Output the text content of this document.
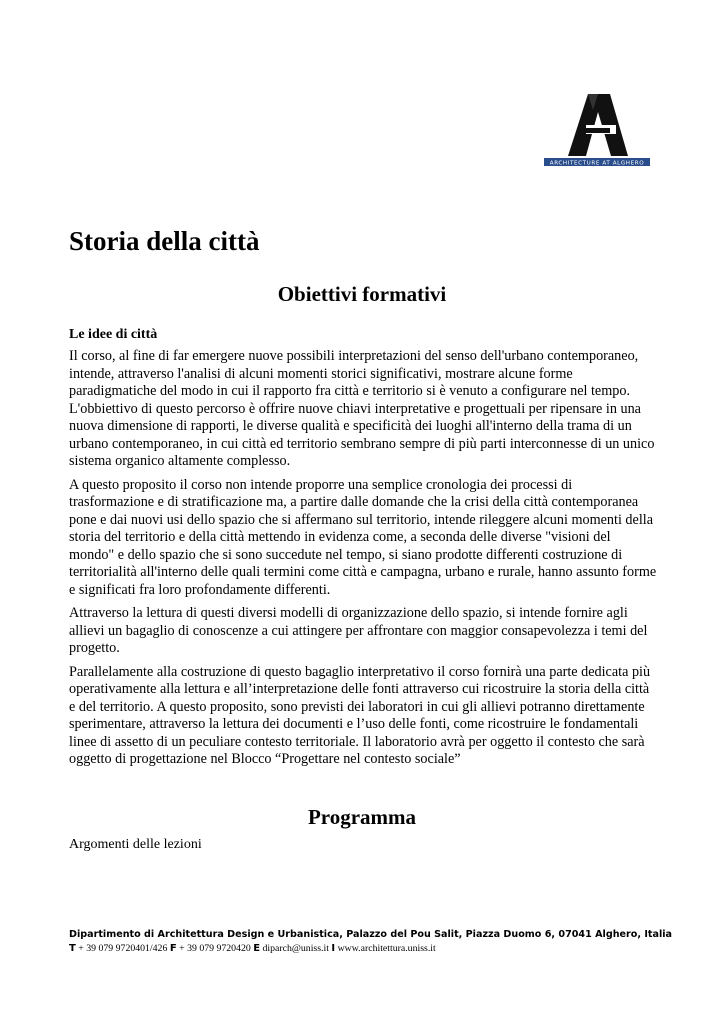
ARCHITECTURE AT ALGHERO
Storia della città
Obiettivi formativi
Le idee di città

Il corso, al fine di far emergere nuove possibili interpretazioni del senso dell'urbano contemporaneo, intende, attraverso l'analisi di alcuni momenti storici significativi, mostrare alcune forme paradigmatiche del modo in cui il rapporto fra città e territorio si è venuto a configurare nel tempo. L'obbiettivo di questo percorso è offrire nuove chiavi interpretative e progettuali per ripensare in una nuova dimensione di rapporti, le diverse qualità e specificità dei luoghi all'interno della trama di un urbano contemporaneo, in cui città ed territorio sembrano sempre di più parti interconnesse di un unico sistema organico altamente complesso.

A questo proposito il corso non intende proporre una semplice cronologia dei processi di trasformazione e di stratificazione ma, a partire dalle domande che la crisi della città contemporanea pone e dai nuovi usi dello spazio che si affermano sul territorio, intende rileggere alcuni momenti della storia del territorio e della città mettendo in evidenza come, a seconda delle diverse "visioni del mondo" e dello spazio che si sono succedute nel tempo, si siano prodotte differenti costruzione di territorialità all'interno delle quali termini come città e campagna, urbano e rurale, hanno assunto forme e significati fra loro profondamente differenti.

Attraverso la lettura di questi diversi modelli di organizzazione dello spazio, si intende fornire agli allievi un bagaglio di conoscenze a cui attingere per affrontare con maggior consapevolezza i temi del progetto.

Parallelamente alla costruzione di questo bagaglio interpretativo il corso fornirà una parte dedicata più operativamente alla lettura e all’interpretazione delle fonti attraverso cui ricostruire la storia della città e del territorio. A questo proposito, sono previsti dei laboratori in cui gli allievi potranno direttamente sperimentare, attraverso la lettura dei documenti e l’uso delle fonti, come ricostruire le fondamentali linee di assetto di un peculiare contesto territoriale. Il laboratorio avrà per oggetto il contesto che sarà oggetto di progettazione nel Blocco “Progettare nel contesto sociale”

Programma

Argomenti delle lezioni

Dipartimento di Architettura Design e Urbanistica, Palazzo del Pou Salit, Piazza Duomo 6, 07041 Alghero, Italia

T + 39 079 9720401/426 F + 39 079 9720420 E diparch@uniss.it I www.architettura.uniss.it
